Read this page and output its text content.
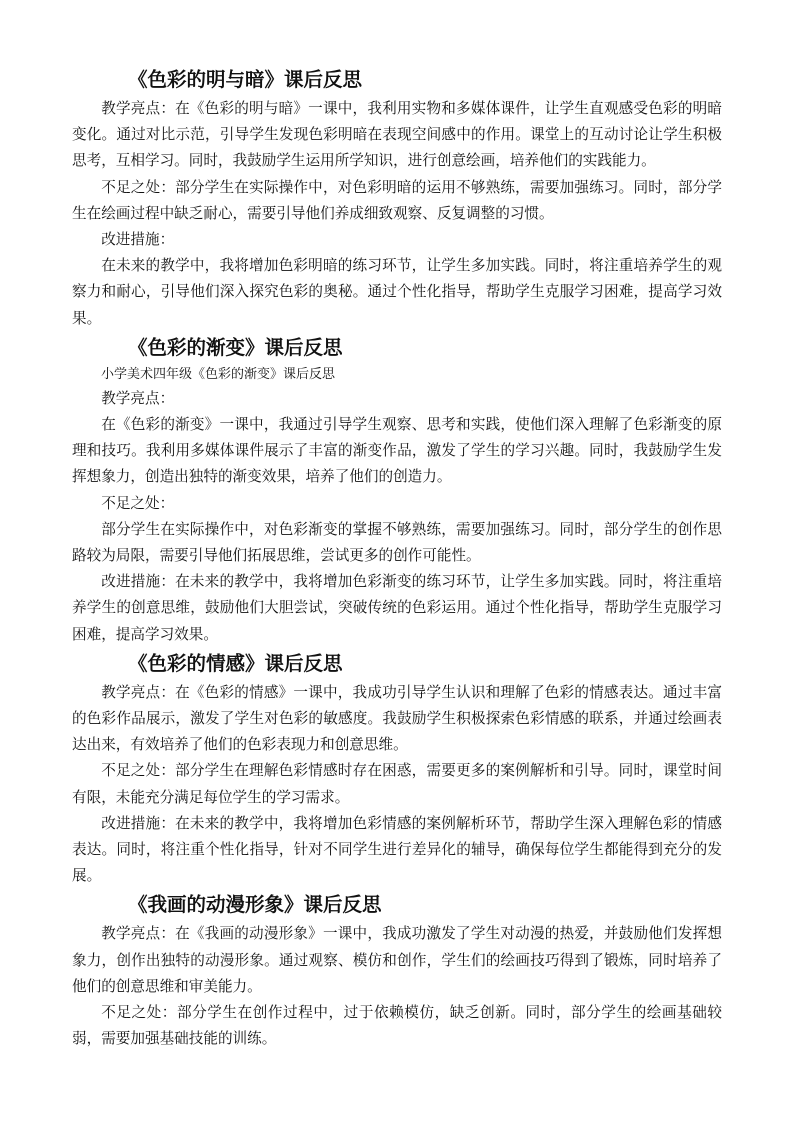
《色彩的明与暗》课后反思

教学亮点：在《色彩的明与暗》一课中，我利用实物和多媒体课件，让学生直观感受色彩的明暗变化。通过对比示范，引导学生发现色彩明暗在表现空间感中的作用。课堂上的互动讨论让学生积极思考，互相学习。同时，我鼓励学生运用所学知识，进行创意绘画，培养他们的实践能力。

不足之处：部分学生在实际操作中，对色彩明暗的运用不够熟练，需要加强练习。同时，部分学生在绘画过程中缺乏耐心，需要引导他们养成细致观察、反复调整的习惯。

改进措施：

在未来的教学中，我将增加色彩明暗的练习环节，让学生多加实践。同时，将注重培养学生的观察力和耐心，引导他们深入探究色彩的奥秘。通过个性化指导，帮助学生克服学习困难，提高学习效果。

《色彩的渐变》课后反思

小学美术四年级《色彩的渐变》课后反思

教学亮点：

在《色彩的渐变》一课中，我通过引导学生观察、思考和实践，使他们深入理解了色彩渐变的原理和技巧。我利用多媒体课件展示了丰富的渐变作品，激发了学生的学习兴趣。同时，我鼓励学生发挥想象力，创造出独特的渐变效果，培养了他们的创造力。

不足之处：

部分学生在实际操作中，对色彩渐变的掌握不够熟练，需要加强练习。同时，部分学生的创作思路较为局限，需要引导他们拓展思维，尝试更多的创作可能性。

改进措施：在未来的教学中，我将增加色彩渐变的练习环节，让学生多加实践。同时，将注重培养学生的创意思维，鼓励他们大胆尝试，突破传统的色彩运用。通过个性化指导，帮助学生克服学习困难，提高学习效果。

《色彩的情感》课后反思

教学亮点：在《色彩的情感》一课中，我成功引导学生认识和理解了色彩的情感表达。通过丰富的色彩作品展示，激发了学生对色彩的敏感度。我鼓励学生积极探索色彩情感的联系，并通过绘画表达出来，有效培养了他们的色彩表现力和创意思维。

不足之处：部分学生在理解色彩情感时存在困惑，需要更多的案例解析和引导。同时，课堂时间有限，未能充分满足每位学生的学习需求。

改进措施：在未来的教学中，我将增加色彩情感的案例解析环节，帮助学生深入理解色彩的情感表达。同时，将注重个性化指导，针对不同学生进行差异化的辅导，确保每位学生都能得到充分的发展。

《我画的动漫形象》课后反思

教学亮点：在《我画的动漫形象》一课中，我成功激发了学生对动漫的热爱，并鼓励他们发挥想象力，创作出独特的动漫形象。通过观察、模仿和创作，学生们的绘画技巧得到了锻炼，同时培养了他们的创意思维和审美能力。

不足之处：部分学生在创作过程中，过于依赖模仿，缺乏创新。同时，部分学生的绘画基础较弱，需要加强基础技能的训练。
